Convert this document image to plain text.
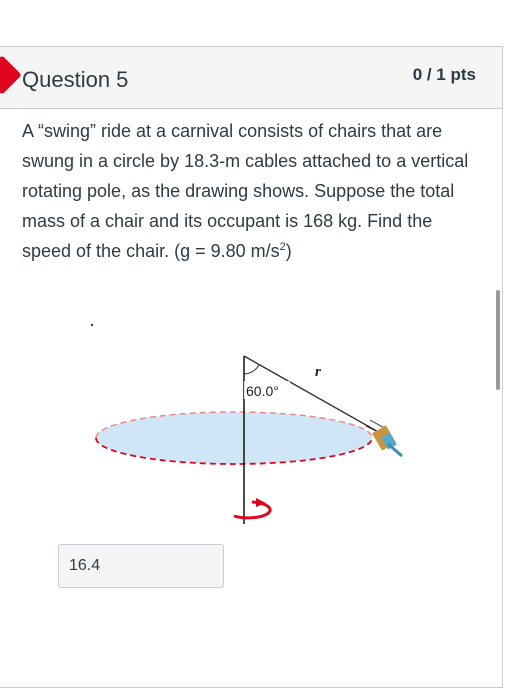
Question 5	0 / 1 pts
A “swing” ride at a carnival consists of chairs that are swung in a circle by 18.3-m cables attached to a vertical rotating pole, as the drawing shows. Suppose the total mass of a chair and its occupant is 168 kg. Find the speed of the chair. (g = 9.80 $m/s^2$)
60.0°
r
16.4
